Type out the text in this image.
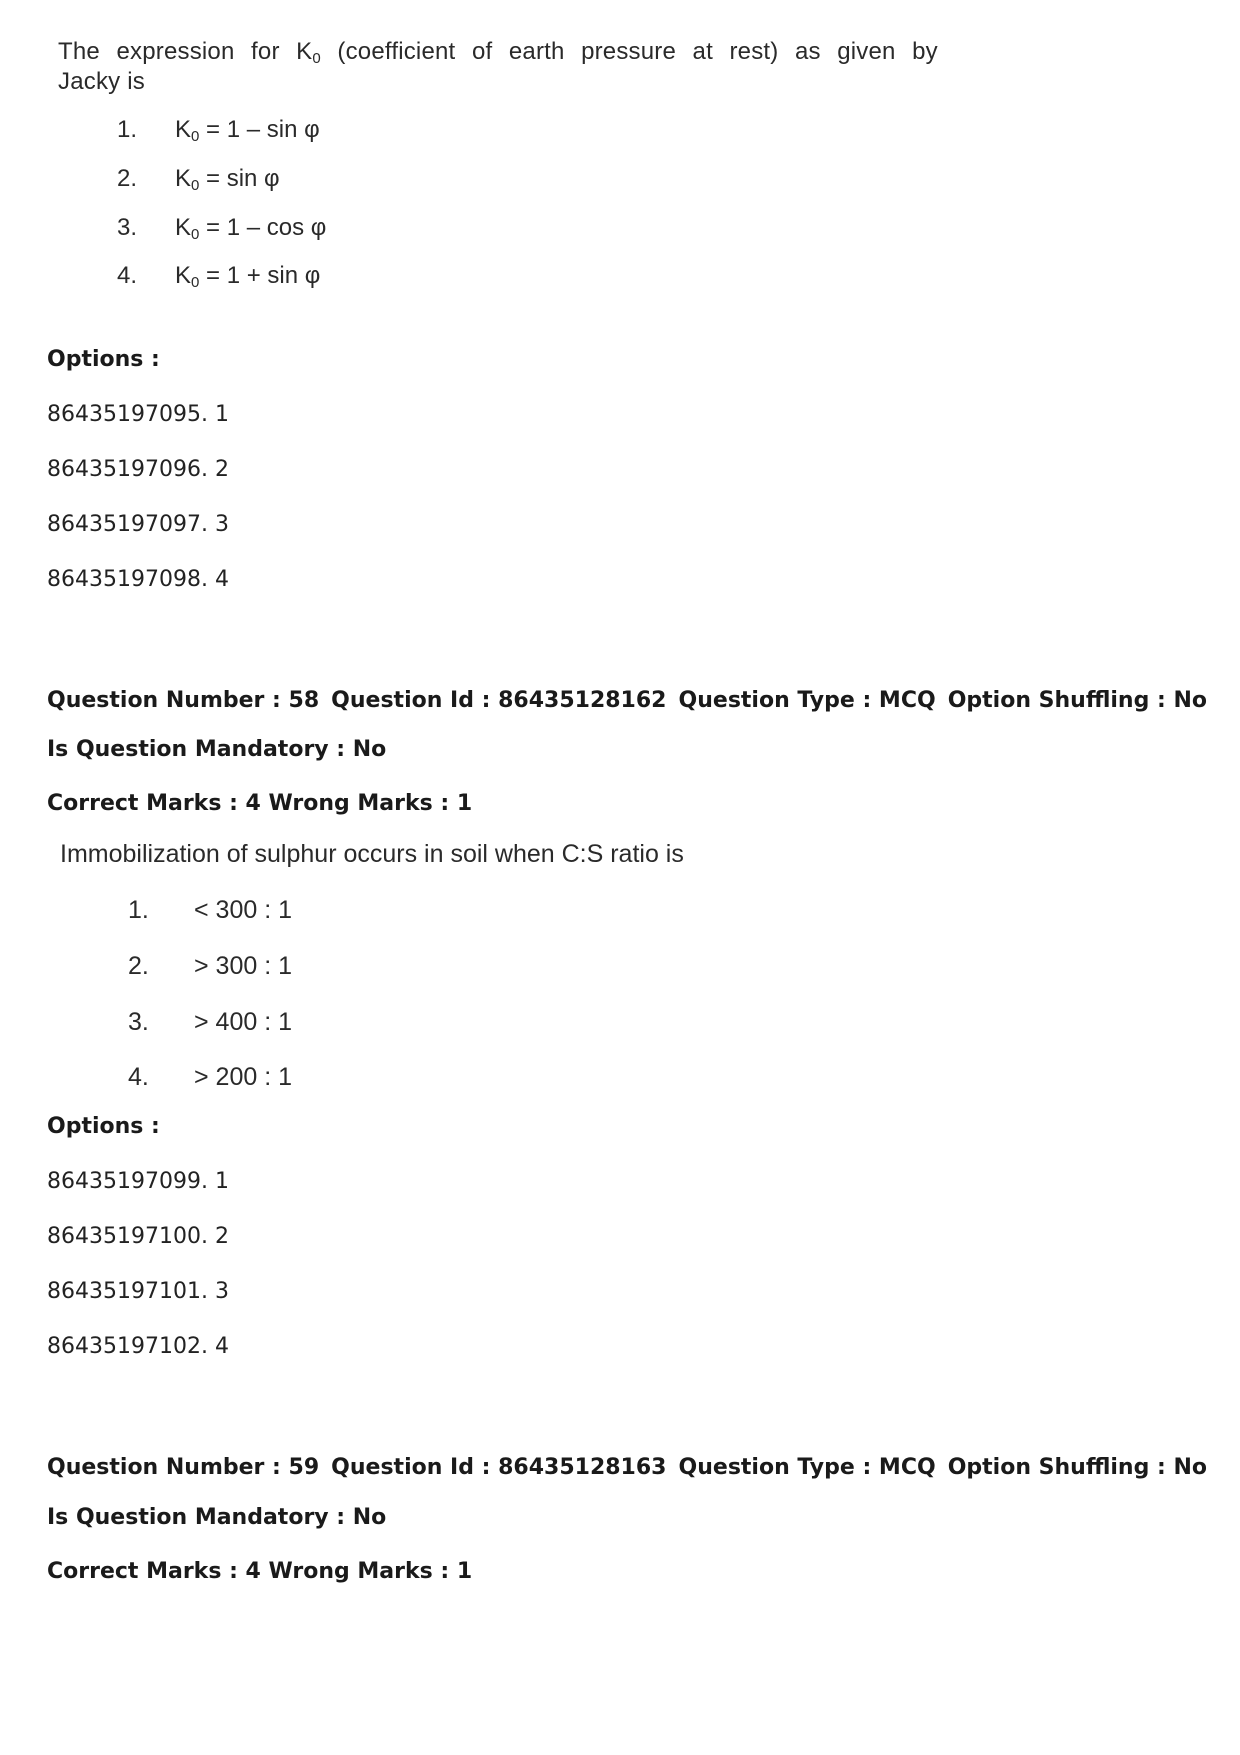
The expression for $K_0$ (coefficient of earth pressure at rest) as given by
Jacky is
1. $K_0 = 1 - \sin \varphi$
2. $K_0 = \sin \varphi$
3. $K_0 = 1 - \cos \varphi$
4. $K_0 = 1 + \sin \varphi$
Options :
86435197095. 1
86435197096. 2
86435197097. 3
86435197098. 4
Question Number : 58 Question Id : 86435128162 Question Type : MCQ Option Shuffling : No
Is Question Mandatory : No
Correct Marks : 4 Wrong Marks : 1
Immobilization of sulphur occurs in soil when C:S ratio is
1. < 300 : 1
2. > 300 : 1
3. > 400 : 1
4. > 200 : 1
Options :
86435197099. 1
86435197100. 2
86435197101. 3
86435197102. 4
Question Number : 59 Question Id : 86435128163 Question Type : MCQ Option Shuffling : No
Is Question Mandatory : No
Correct Marks : 4 Wrong Marks : 1
